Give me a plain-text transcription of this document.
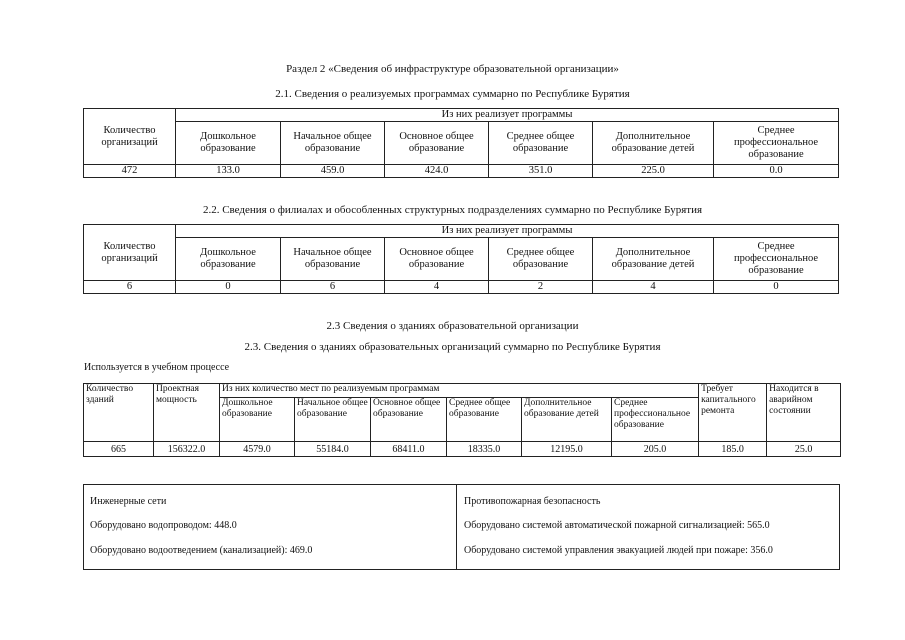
Раздел 2 «Сведения об инфраструктуре образовательной организации»
2.1. Сведения о реализуемых программах суммарно по Республике Бурятия
Количество организаций	Из них реализует программы					
	Дошкольное образование	Начальное общее образование	Основное общее образование	Среднее общее образование	Дополнительное образование детей	Среднее профессиональное образование
472	133.0	459.0	424.0	351.0	225.0	0.0
2.2. Сведения о филиалах и обособленных структурных подразделениях суммарно по Республике Бурятия
Количество организаций	Из них реализует программы					
	Дошкольное образование	Начальное общее образование	Основное общее образование	Среднее общее образование	Дополнительное образование детей	Среднее профессиональное образование
6	0	6	4	2	4	0
2.3 Сведения о зданиях образовательной организации
2.3. Сведения о зданиях образовательных организаций суммарно по Республике Бурятия
Используется в учебном процессе
Количество зданий	Проектная мощность	Из них количество мест по реализуемым программам						Требует капитального ремонта	Находится в аварийном состоянии
		Дошкольное образование	Начальное общее образование	Основное общее образование	Среднее общее образование	Дополнительное образование детей	Среднее профессиональное образование		
665	156322.0	4579.0	55184.0	68411.0	18335.0	12195.0	205.0	185.0	25.0
Инженерные сети
Оборудовано водопроводом: 448.0
Оборудовано водоотведением (канализацией): 469.0
Противопожарная безопасность
Оборудовано системой автоматической пожарной сигнализацией: 565.0
Оборудовано системой управления эвакуацией людей при пожаре: 356.0
